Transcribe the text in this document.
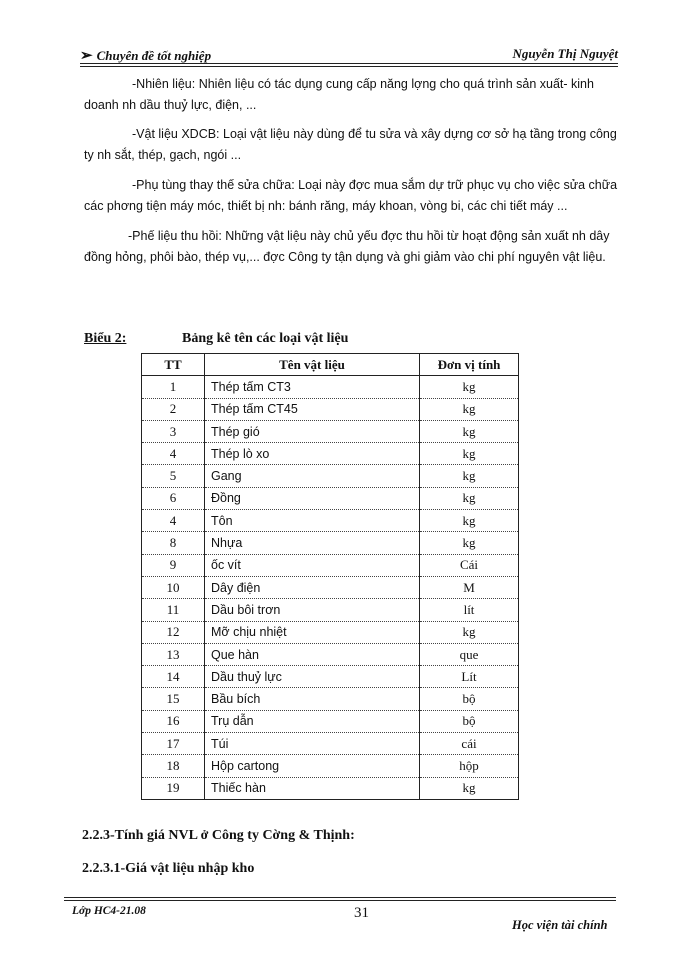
➢ Chuyên đề tốt nghiệp	Nguyễn Thị Nguyệt
-Nhiên liệu: Nhiên liệu có tác dụng cung cấp năng lợng cho quá trình sản xuất- kinh doanh nh dầu thuỷ lực, điện, ...
-Vật liệu XDCB: Loại vật liệu này dùng để tu sửa và xây dựng cơ sở hạ tầng trong công ty nh sắt, thép, gạch, ngói ...
-Phụ tùng thay thế sửa chữa: Loại này đợc mua sắm dự trữ phục vụ cho việc sửa chữa các phơng tiện máy móc, thiết bị nh: bánh răng, máy khoan, vòng bi, các chi tiết máy ...
-Phế liệu thu hồi: Những vật liệu này chủ yếu đợc thu hồi từ hoạt động sản xuất nh dây đồng hỏng, phôi bào, thép vụ,... đợc Công ty tận dụng và ghi giảm vào chi phí nguyên vật liệu.
Biểu 2:	Bảng kê tên các loại vật liệu
TT	Tên vật liệu	Đơn vị tính
1	Thép tấm CT3	kg
2	Thép tấm CT45	kg
3	Thép gió	kg
4	Thép lò xo	kg
5	Gang	kg
6	Đồng	kg
4	Tôn	kg
8	Nhựa	kg
9	ốc vít	Cái
10	Dây điện	M
11	Dầu bôi trơn	lít
12	Mỡ chịu nhiệt	kg
13	Que hàn	que
14	Dầu thuỷ lực	Lít
15	Bầu bích	bộ
16	Trụ dẫn	bộ
17	Túi	cái
18	Hộp cartong	hộp
19	Thiếc hàn	kg
2.2.3-Tính giá NVL ở Công ty Cờng & Thịnh:
2.2.3.1-Giá vật liệu nhập kho
Lớp HC4-21.08	31
Học viện tài chính
